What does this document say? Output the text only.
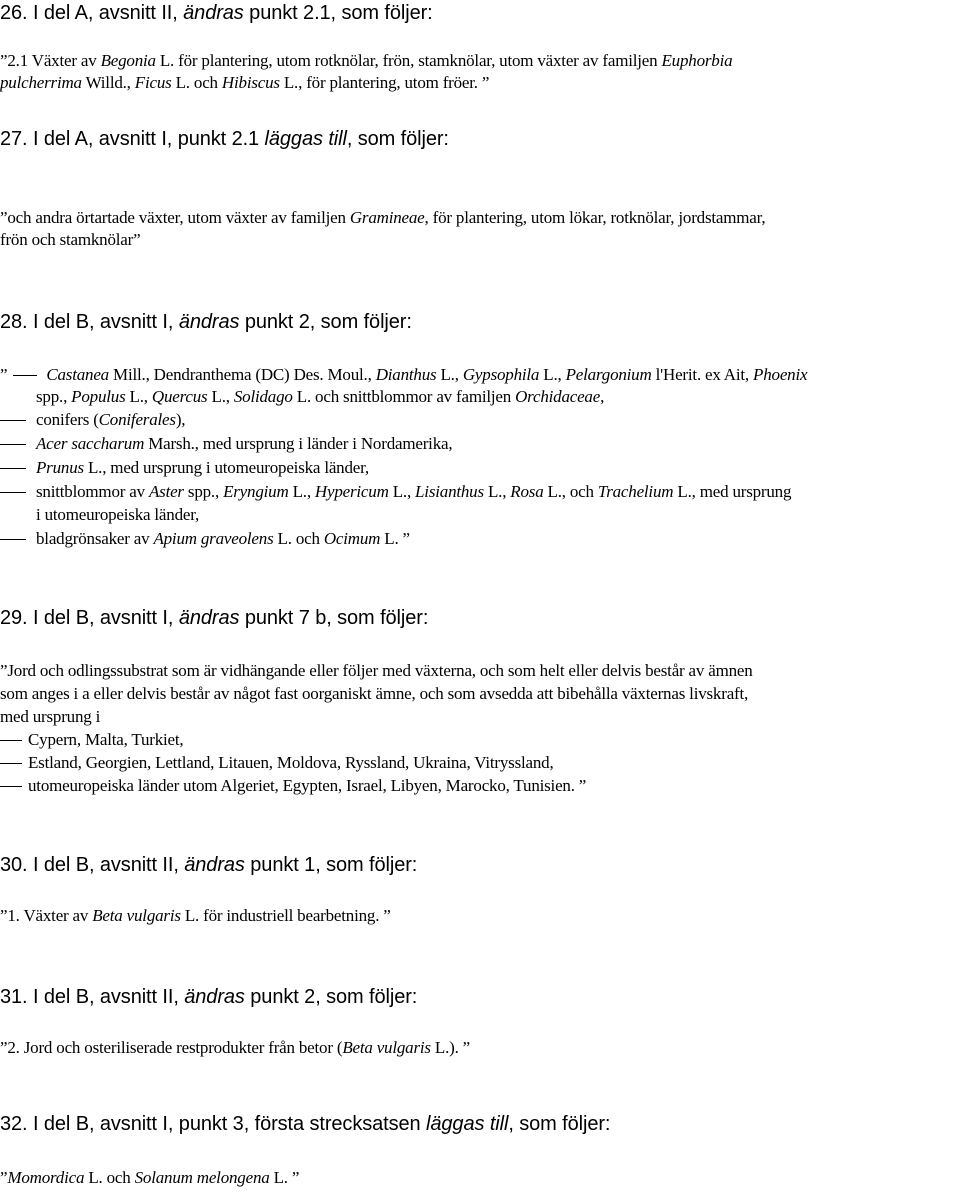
26. I del A, avsnitt II, ändras punkt 2.1, som följer:

”2.1 Växter av Begonia L. för plantering, utom rotknölar, frön, stamknölar, utom växter av familjen Euphorbia

pulcherrima Willd., Ficus L. och Hibiscus L., för plantering, utom fröer. ”

27. I del A, avsnitt I, punkt 2.1 läggas till, som följer:

”och andra örtartade växter, utom växter av familjen Gramineae, för plantering, utom lökar, rotknölar, jordstammar,

frön och stamknölar”

28. I del B, avsnitt I, ändras punkt 2, som följer:

” Castanea Mill., Dendranthema (DC) Des. Moul., Dianthus L., Gypsophila L., Pelargonium l'Herit. ex Ait, Phoenix

spp., Populus L., Quercus L., Solidago L. och snittblommor av familjen Orchidaceae,

conifers (Coniferales),

Acer saccharum Marsh., med ursprung i länder i Nordamerika,

Prunus L., med ursprung i utomeuropeiska länder,

snittblommor av Aster spp., Eryngium L., Hypericum L., Lisianthus L., Rosa L., och Trachelium L., med ursprung

i utomeuropeiska länder,

bladgrönsaker av Apium graveolens L. och Ocimum L. ”

29. I del B, avsnitt I, ändras punkt 7 b, som följer:

”Jord och odlingssubstrat som är vidhängande eller följer med växterna, och som helt eller delvis består av ämnen

som anges i a eller delvis består av något fast oorganiskt ämne, och som avsedda att bibehålla växternas livskraft,

med ursprung i

Cypern, Malta, Turkiet,

Estland, Georgien, Lettland, Litauen, Moldova, Ryssland, Ukraina, Vitryssland,

utomeuropeiska länder utom Algeriet, Egypten, Israel, Libyen, Marocko, Tunisien. ”

30. I del B, avsnitt II, ändras punkt 1, som följer:

”1. Växter av Beta vulgaris L. för industriell bearbetning. ”

31. I del B, avsnitt II, ändras punkt 2, som följer:

”2. Jord och osteriliserade restprodukter från betor (Beta vulgaris L.). ”

32. I del B, avsnitt I, punkt 3, första strecksatsen läggas till, som följer:

”Momordica L. och Solanum melongena L. ”
